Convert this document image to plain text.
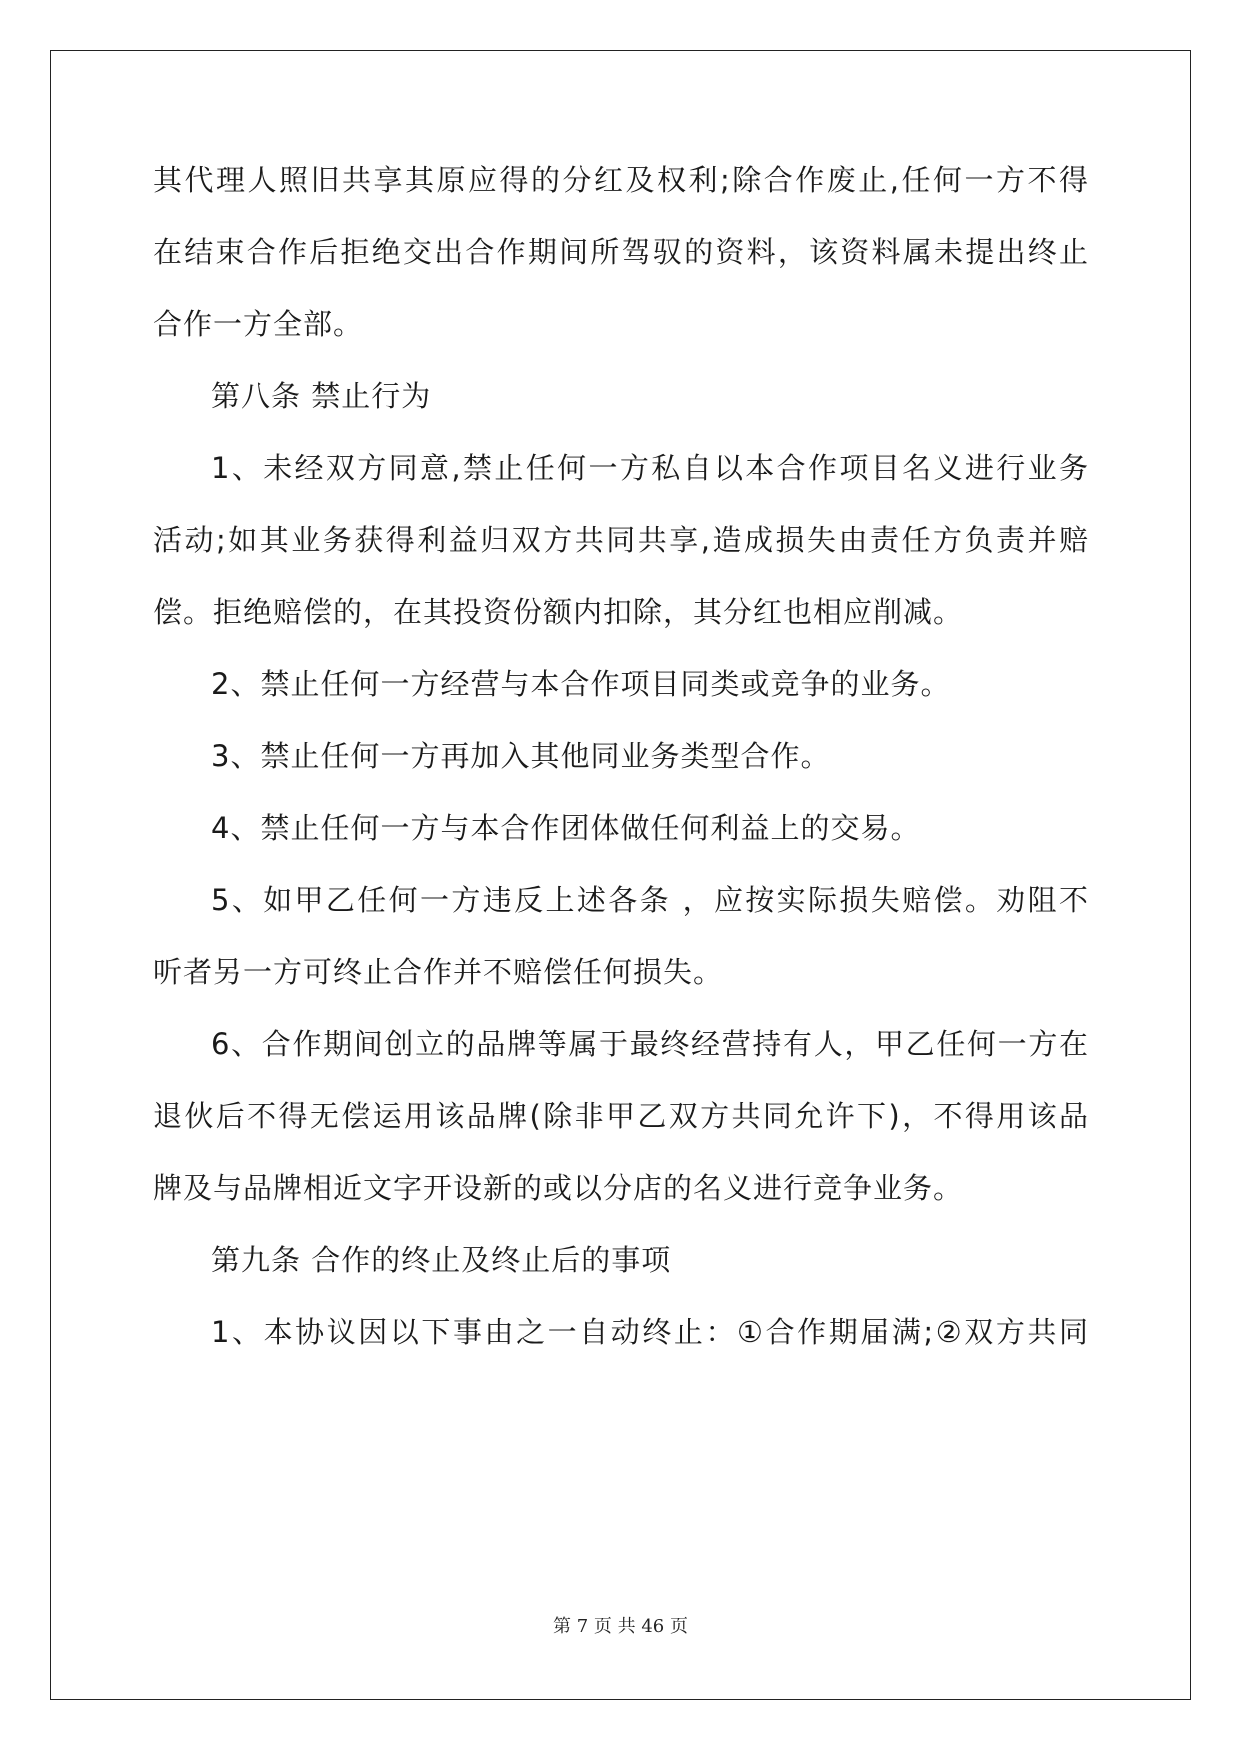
其代理人照旧共享其原应得的分红及权利;除合作废止,任何一方不得
在结束合作后拒绝交出合作期间所驾驭的资料，该资料属未提出终止
合作一方全部。
第八条 禁止行为
1、未经双方同意,禁止任何一方私自以本合作项目名义进行业务
活动;如其业务获得利益归双方共同共享,造成损失由责任方负责并赔
偿。拒绝赔偿的，在其投资份额内扣除，其分红也相应削减。
2、禁止任何一方经营与本合作项目同类或竞争的业务。
3、禁止任何一方再加入其他同业务类型合作。
4、禁止任何一方与本合作团体做任何利益上的交易。
5、如甲乙任何一方违反上述各条 ，应按实际损失赔偿。劝阻不
听者另一方可终止合作并不赔偿任何损失。
6、合作期间创立的品牌等属于最终经营持有人，甲乙任何一方在
退伙后不得无偿运用该品牌(除非甲乙双方共同允许下)，不得用该品
牌及与品牌相近文字开设新的或以分店的名义进行竞争业务。
第九条 合作的终止及终止后的事项
1、本协议因以下事由之一自动终止：①合作期届满;②双方共同
第 7 页 共 46 页
